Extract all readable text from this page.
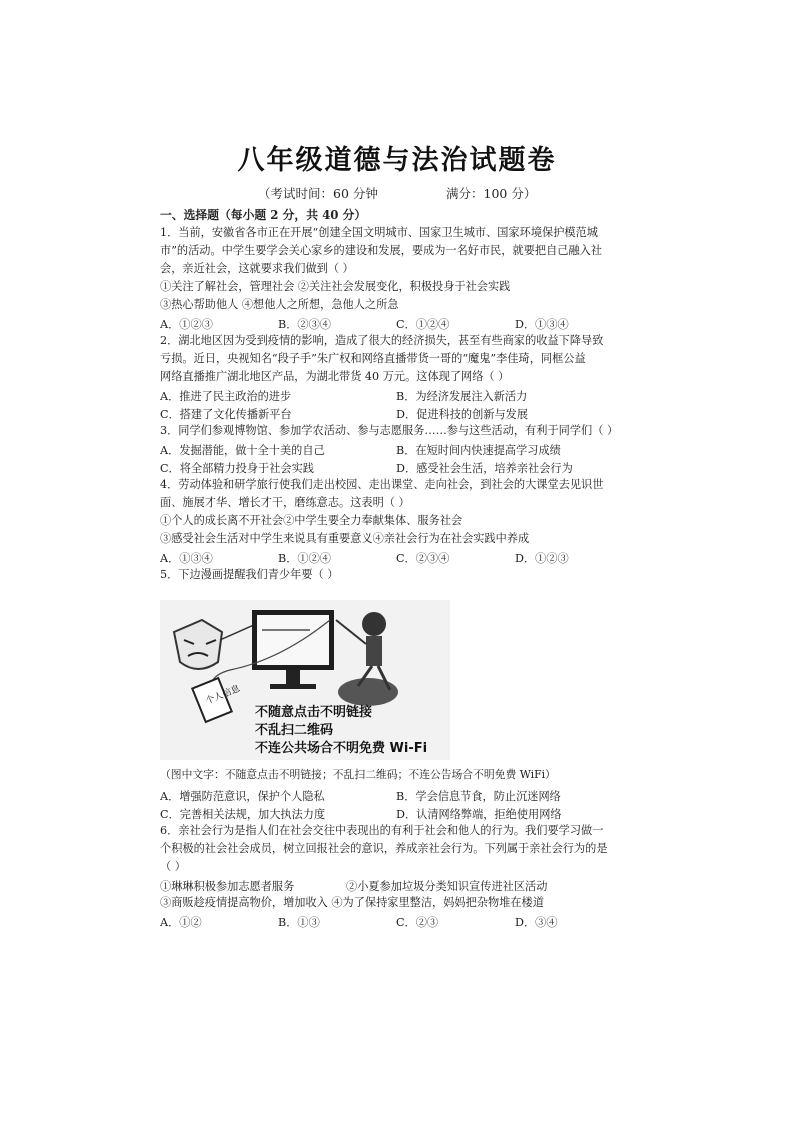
八年级道德与法治试题卷
（考试时间：60 分钟	满分：100 分）
一、选择题（每小题 2 分，共 40 分）
1．当前，安徽省各市正在开展“创建全国文明城市、国家卫生城市、国家环境保护模范城
市”的活动。中学生要学会关心家乡的建设和发展，要成为一名好市民，就要把自己融入社
会，亲近社会，这就要求我们做到（ ）
①关注了解社会，管理社会 ②关注社会发展变化，积极投身于社会实践
③热心帮助他人 ④想他人之所想，急他人之所急
A．①②③	B．②③④	C．①②④	D．①③④
2．湖北地区因为受到疫情的影响，造成了很大的经济损失，甚至有些商家的收益下降导致
亏损。近日，央视知名“段子手”朱广权和网络直播带货一哥的“魔鬼”李佳琦，同框公益
网络直播推广湖北地区产品，为湖北带货 40 万元。这体现了网络（ ）
A．推进了民主政治的进步	B．为经济发展注入新活力
C．搭建了文化传播新平台	D．促进科技的创新与发展
3．同学们参观博物馆、参加学农活动、参与志愿服务……参与这些活动，有利于同学们（ ）
A．发掘潜能，做十全十美的自己	B．在短时间内快速提高学习成绩
C．将全部精力投身于社会实践	D．感受社会生活，培养亲社会行为
4．劳动体验和研学旅行使我们走出校园、走出课堂、走向社会，到社会的大课堂去见识世
面、施展才华、增长才干，磨练意志。这表明（ ）
①个人的成长离不开社会②中学生要全力奉献集体、服务社会
③感受社会生活对中学生来说具有重要意义④亲社会行为在社会实践中养成
A．①③④	B．①②④	C．②③④	D．①②③
5．下边漫画提醒我们青少年要（ ）
个人信息
不随意点击不明链接
不乱扫二维码
不连公共场合不明免费 Wi-Fi
（图中文字：不随意点击不明链接；不乱扫二维码；不连公告场合不明免费 WiFi）
A．增强防范意识，保护个人隐私	B．学会信息节食，防止沉迷网络
C．完善相关法规，加大执法力度	D．认清网络弊端，拒绝使用网络
6．亲社会行为是指人们在社会交往中表现出的有利于社会和他人的行为。我们要学习做一
个积极的社会社会成员，树立回报社会的意识，养成亲社会行为。下列属于亲社会行为的是
（ ）
①琳琳积极参加志愿者服务	②小夏参加垃圾分类知识宣传进社区活动
③商贩趁疫情提高物价，增加收入 ④为了保持家里整洁，妈妈把杂物堆在楼道
A．①②	B．①③	C．②③	D．③④
